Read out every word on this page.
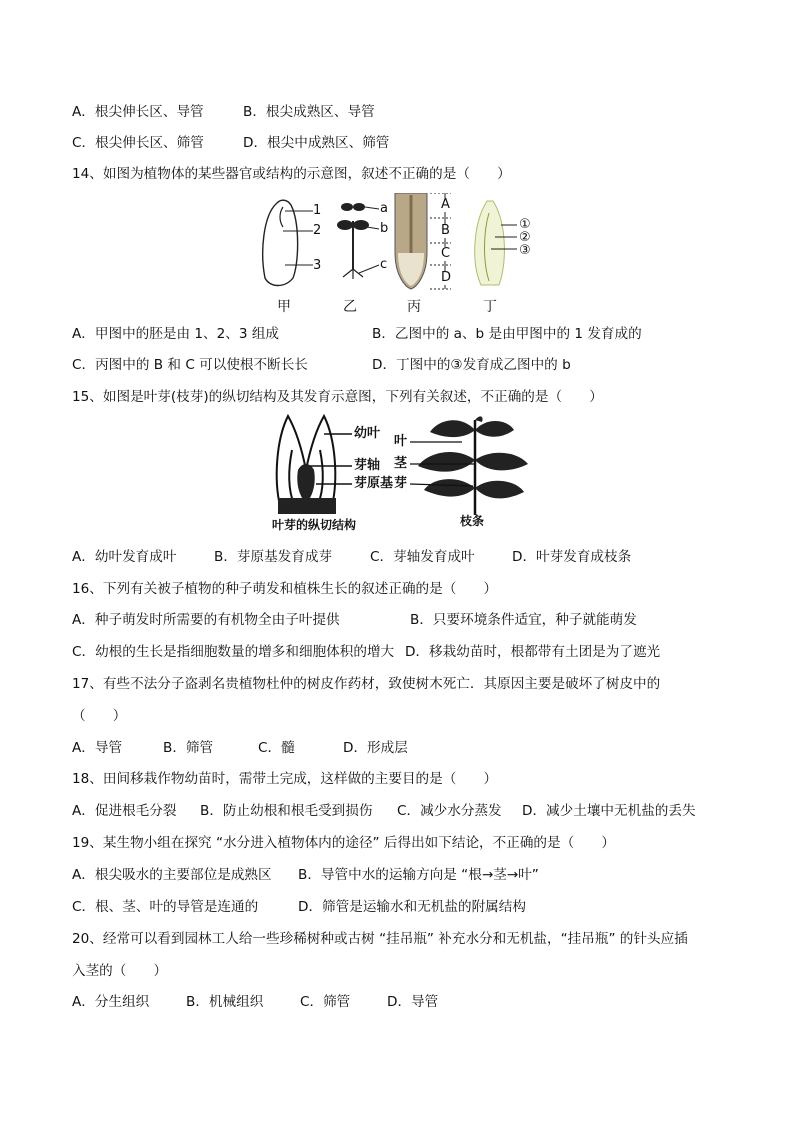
A．根尖伸长区、导管	B．根尖成熟区、导管
C．根尖伸长区、筛管	D．根尖中成熟区、筛管
14、如图为植物体的某些器官或结构的示意图，叙述不正确的是（　　）
1
2
3
a
b
c
A
B
C
D
①
②
③
甲	乙	丙	丁
A．甲图中的胚是由 1、2、3 组成	B．乙图中的 a、b 是由甲图中的 1 发育成的
C．丙图中的 B 和 C 可以使根不断长长	D．丁图中的③发育成乙图中的 b
15、如图是叶芽(枝芽)的纵切结构及其发育示意图，下列有关叙述，不正确的是（　　）
幼叶
芽轴
芽原基
叶
茎
芽
叶芽的纵切结构	枝条
A．幼叶发育成叶	B．芽原基发育成芽	C．芽轴发育成叶	D．叶芽发育成枝条
16、下列有关被子植物的种子萌发和植株生长的叙述正确的是（　　）
A．种子萌发时所需要的有机物全由子叶提供	B．只要环境条件适宜，种子就能萌发
C．幼根的生长是指细胞数量的增多和细胞体积的增大 D．移栽幼苗时，根都带有土团是为了遮光
17、有些不法分子盗剥名贵植物杜仲的树皮作药材，致使树木死亡．其原因主要是破坏了树皮中的
（　　）
A．导管	B．筛管	C．髓	D．形成层
18、田间移栽作物幼苗时，需带土完成，这样做的主要目的是（　　）
A．促进根毛分裂 B．防止幼根和根毛受到损伤 C．减少水分蒸发 D．减少土壤中无机盐的丢失
19、某生物小组在探究 “水分进入植物体内的途径” 后得出如下结论，不正确的是（　　）
A．根尖吸水的主要部位是成熟区 B．导管中水的运输方向是 “根→茎→叶”
C．根、茎、叶的导管是连通的	D．筛管是运输水和无机盐的附属结构
20、经常可以看到园林工人给一些珍稀树种或古树 “挂吊瓶” 补充水分和无机盐，“挂吊瓶” 的针头应插
入茎的（　　）
A．分生组织	B．机械组织	C．筛管	D．导管
